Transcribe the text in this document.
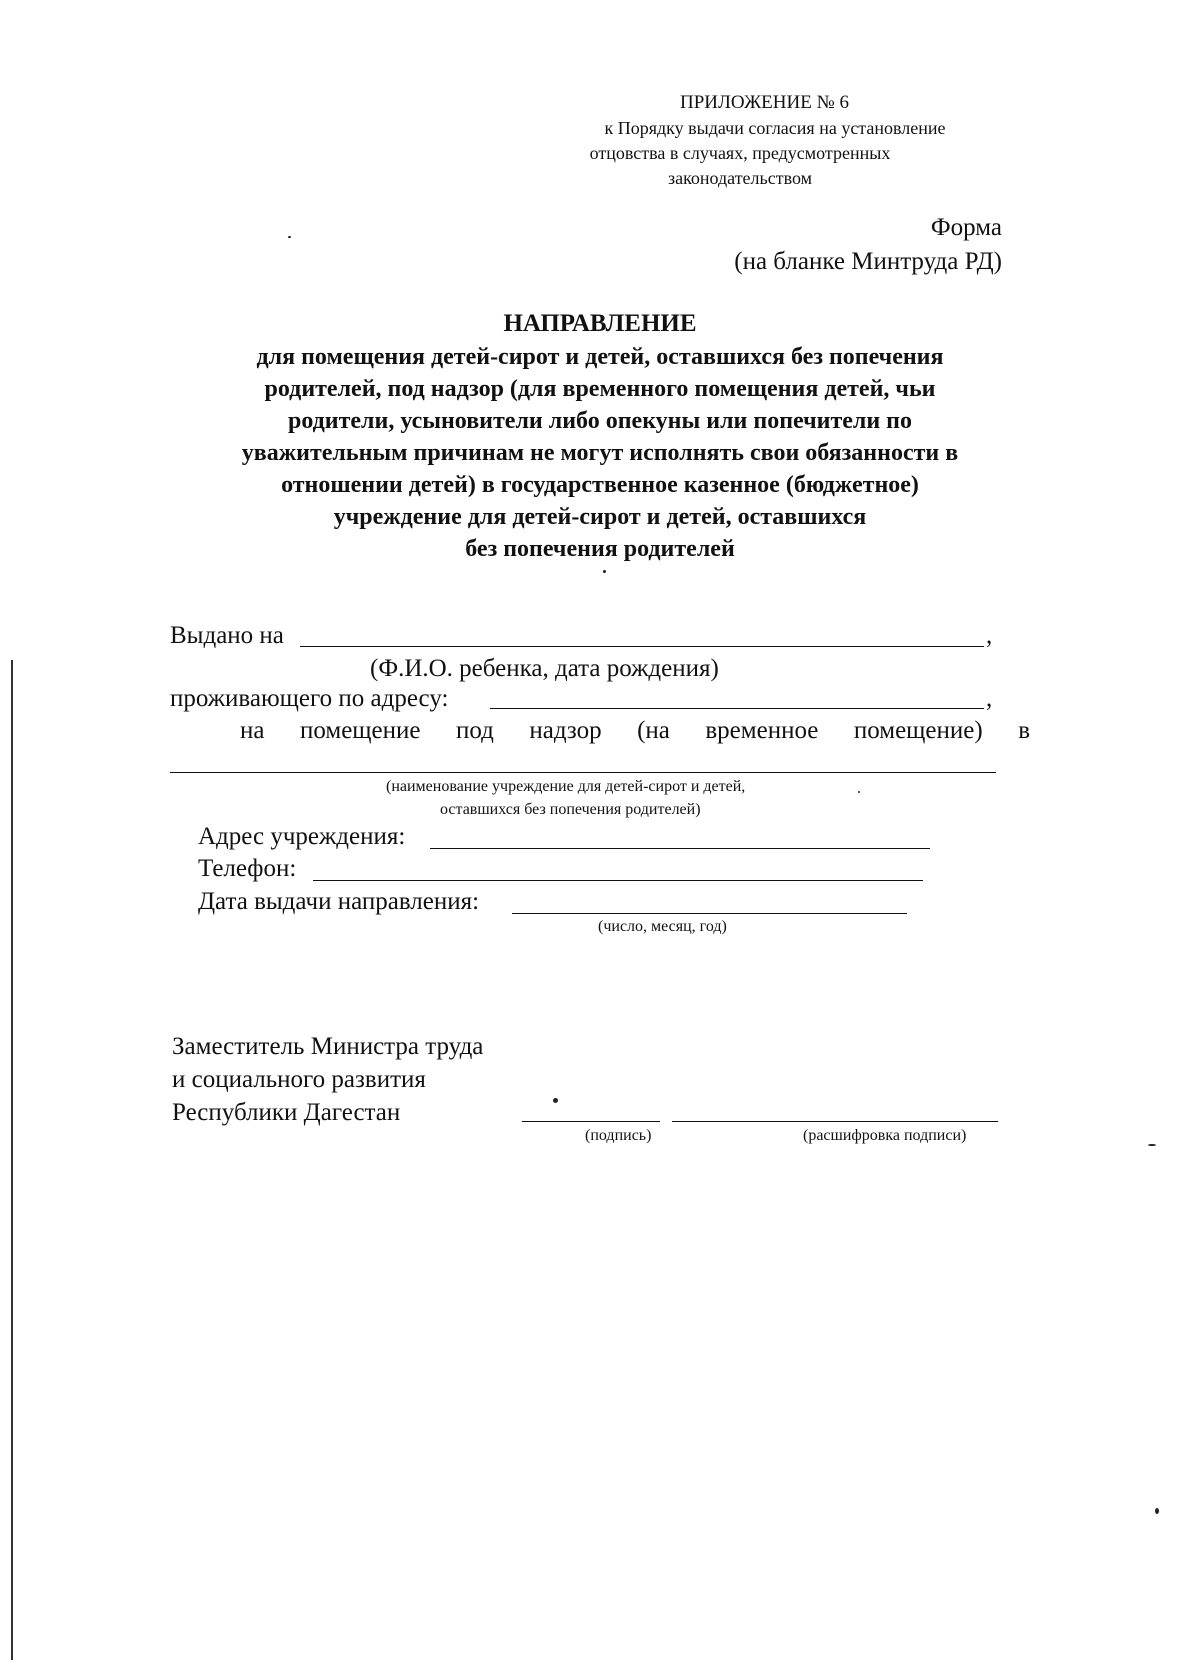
ПРИЛОЖЕНИЕ № 6
к Порядку выдачи согласия на установление
отцовства в случаях, предусмотренных
законодательством
Форма
(на бланке Минтруда РД)
НАПРАВЛЕНИЕ
для помещения детей-сирот и детей, оставшихся без попечения
родителей, под надзор (для временного помещения детей, чьи
родители, усыновители либо опекуны или попечители по
уважительным причинам не могут исполнять свои обязанности в
отношении детей) в государственное казенное (бюджетное)
учреждение для детей-сирот и детей, оставшихся
без попечения родителей
Выдано на	,
(Ф.И.О. ребенка, дата рождения)
проживающего по адресу:	,
на помещение под надзор (на временное помещение) в
(наименование учреждение для детей-сирот и детей,
оставшихся без попечения родителей)
Адрес учреждения:
Телефон:
Дата выдачи направления:
(число, месяц, год)
Заместитель Министра труда
и социального развития
Республики Дагестан
(подпись)	(расшифровка подписи)
